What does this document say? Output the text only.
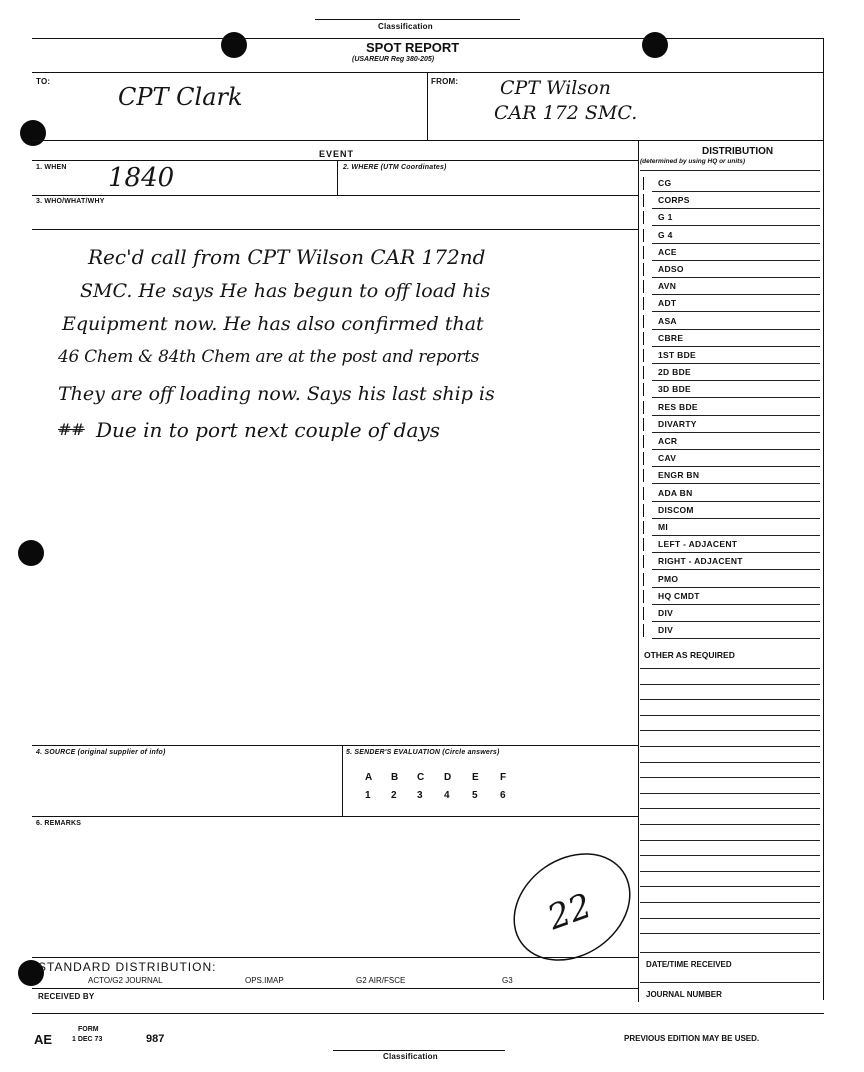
Classification
SPOT REPORT
(USAREUR Reg 380-205)
TO:
CPT Clark
FROM: CPT Wilson
CAR 172 SMC.
EVENT
1. WHEN 1840	2. WHERE (UTM Coordinates)
3. WHO/WHAT/WHY
Rec'd call from CPT Wilson CAR 172nd
SMC. He says He has begun to off load his
Equipment now. He has also confirmed that
46 Chem & 84th Chem are at the post and reports
They are off loading now. Says his last ship is
## Due in to port next couple of days
4. SOURCE (original supplier of info)	5. SENDER'S EVALUATION (Circle answers)
A B C D E F
1 2 3 4 5 6
6. REMARKS
22
STANDARD DISTRIBUTION:
ACTO/G2 JOURNAL	OPS.IMAP	G2 AIR/FSCE	G3
RECEIVED BY
AE
FORM
1 DEC 73	987
Classification
PREVIOUS EDITION MAY BE USED.
DISTRIBUTION
(determined by using HQ or units)
CG
CORPS
G 1
G 4
ACE
ADSO
AVN
ADT
ASA
CBRE
1ST BDE
2D BDE
3D BDE
RES BDE
DIVARTY
ACR
CAV
ENGR BN
ADA BN
DISCOM
MI
LEFT - ADJACENT
RIGHT - ADJACENT
PMO
HQ CMDT
DIV
DIV
OTHER AS REQUIRED
DATE/TIME RECEIVED
JOURNAL NUMBER
